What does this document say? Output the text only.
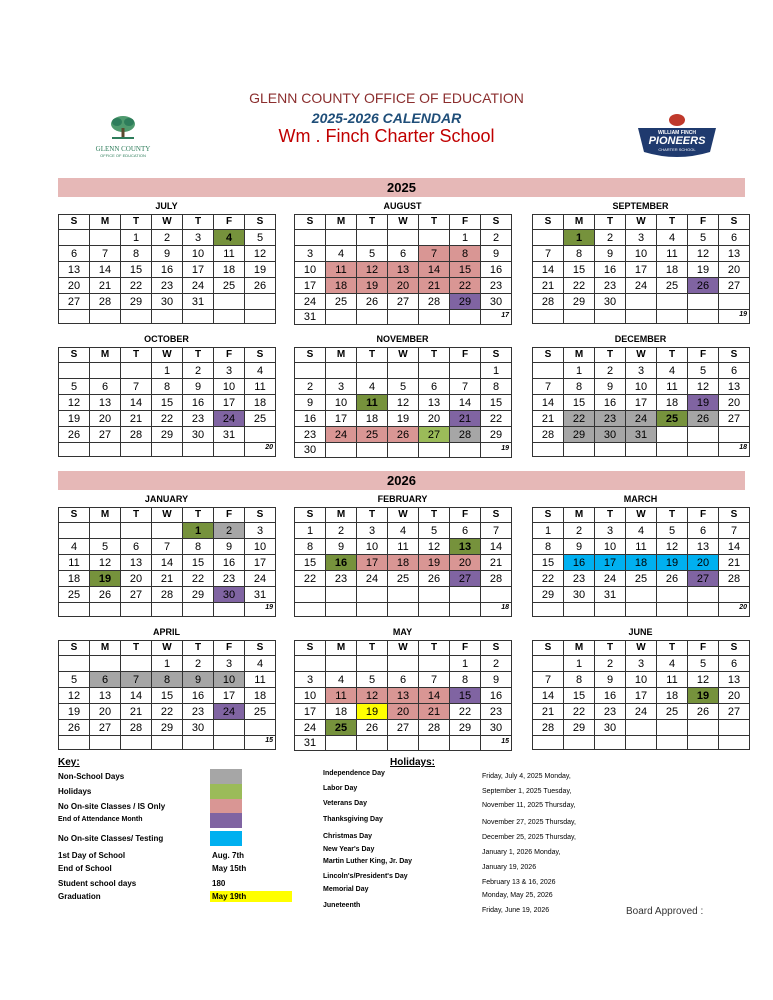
GLENN COUNTY OFFICE OF EDUCATION
2025-2026 CALENDAR
Wm . Finch Charter School
GLENN COUNTY
OFFICE OF EDUCATION
WILLIAM FINCH
PIONEERS
CHARTER SCHOOL
2025
2026
JULY
S	M	T	W	T	F	S
		1	2	3	4	5
6	7	8	9	10	11	12
13	14	15	16	17	18	19
20	21	22	23	24	25	26
27	28	29	30	31		

AUGUST
S	M	T	W	T	F	S
					1	2
3	4	5	6	7	8	9
10	11	12	13	14	15	16
17	18	19	20	21	22	23
24	25	26	27	28	29	30
31						17
SEPTEMBER
S	M	T	W	T	F	S
	1	2	3	4	5	6
7	8	9	10	11	12	13
14	15	16	17	18	19	20
21	22	23	24	25	26	27
28	29	30				

						19
OCTOBER
S	M	T	W	T	F	S
			1	2	3	4
5	6	7	8	9	10	11
12	13	14	15	16	17	18
19	20	21	22	23	24	25
26	27	28	29	30	31	

						20
NOVEMBER
S	M	T	W	T	F	S
						1
2	3	4	5	6	7	8
9	10	11	12	13	14	15
16	17	18	19	20	21	22
23	24	25	26	27	28	29
30						19
DECEMBER
S	M	T	W	T	F	S
	1	2	3	4	5	6
7	8	9	10	11	12	13
14	15	16	17	18	19	20
21	22	23	24	25	26	27
28	29	30	31			

						18
JANUARY
S	M	T	W	T	F	S
				1	2	3
4	5	6	7	8	9	10
11	12	13	14	15	16	17
18	19	20	21	22	23	24
25	26	27	28	29	30	31

						19
FEBRUARY
S	M	T	W	T	F	S
1	2	3	4	5	6	7
8	9	10	11	12	13	14
15	16	17	18	19	20	21
22	23	24	25	26	27	28

						18
MARCH
S	M	T	W	T	F	S
1	2	3	4	5	6	7
8	9	10	11	12	13	14
15	16	17	18	19	20	21
22	23	24	25	26	27	28
29	30	31				

						20
APRIL
S	M	T	W	T	F	S
			1	2	3	4
5	6	7	8	9	10	11
12	13	14	15	16	17	18
19	20	21	22	23	24	25
26	27	28	29	30		

						15
MAY
S	M	T	W	T	F	S
					1	2
3	4	5	6	7	8	9
10	11	12	13	14	15	16
17	18	19	20	21	22	23
24	25	26	27	28	29	30
31						15
JUNE
S	M	T	W	T	F	S
	1	2	3	4	5	6
7	8	9	10	11	12	13
14	15	16	17	18	19	20
21	22	23	24	25	26	27
28	29	30				

Key:	Holidays:
Non-School Days
Holidays
No On-site Classes / IS Only
End of Attendance Month
No On-site Classes/ Testing
1st Day of School	Aug. 7th
End of School	May 15th
Student school days	180
Graduation	May 19th
Independence Day	Friday, July 4, 2025 Monday,
Labor Day	September 1, 2025 Tuesday,
Veterans Day	November 11, 2025 Thursday,
Thanksgiving Day	November 27, 2025 Thursday,
Christmas Day	December 25, 2025 Thursday,
New Year's Day	January 1, 2026 Monday,
Martin Luther King, Jr. Day
January 19, 2026
Lincoln's/President's Day
February 13 & 16, 2026
Memorial Day
Monday, May 25, 2026
Juneteenth
Friday, June 19, 2026	Board Approved :
